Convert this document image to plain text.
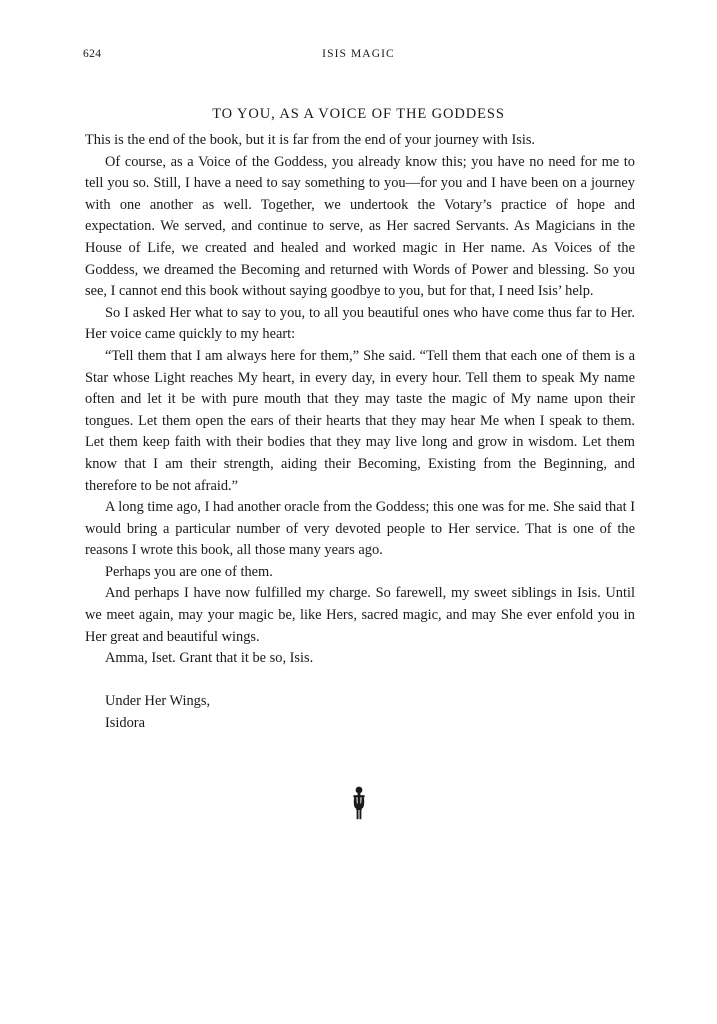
624	ISIS MAGIC
TO YOU, AS A VOICE OF THE GODDESS

This is the end of the book, but it is far from the end of your journey with Isis.

Of course, as a Voice of the Goddess, you already know this; you have no need for me to tell you so. Still, I have a need to say something to you—for you and I have been on a journey with one another as well. Together, we undertook the Votary’s practice of hope and expectation. We served, and continue to serve, as Her sacred Servants. As Magicians in the House of Life, we created and healed and worked magic in Her name. As Voices of the Goddess, we dreamed the Becoming and returned with Words of Power and blessing. So you see, I cannot end this book without saying goodbye to you, but for that, I need Isis’ help.

So I asked Her what to say to you, to all you beautiful ones who have come thus far to Her. Her voice came quickly to my heart:

“Tell them that I am always here for them,” She said. “Tell them that each one of them is a Star whose Light reaches My heart, in every day, in every hour. Tell them to speak My name often and let it be with pure mouth that they may taste the magic of My name upon their tongues. Let them open the ears of their hearts that they may hear Me when I speak to them. Let them keep faith with their bodies that they may live long and grow in wisdom. Let them know that I am their strength, aiding their Becoming, Existing from the Beginning, and therefore to be not afraid.”

A long time ago, I had another oracle from the Goddess; this one was for me. She said that I would bring a particular number of very devoted people to Her service. That is one of the reasons I wrote this book, all those many years ago.

Perhaps you are one of them.

And perhaps I have now fulfilled my charge. So farewell, my sweet siblings in Isis. Until we meet again, may your magic be, like Hers, sacred magic, and may She ever enfold you in Her great and beautiful wings.

Amma, Iset. Grant that it be so, Isis.

Under Her Wings,

Isidora
